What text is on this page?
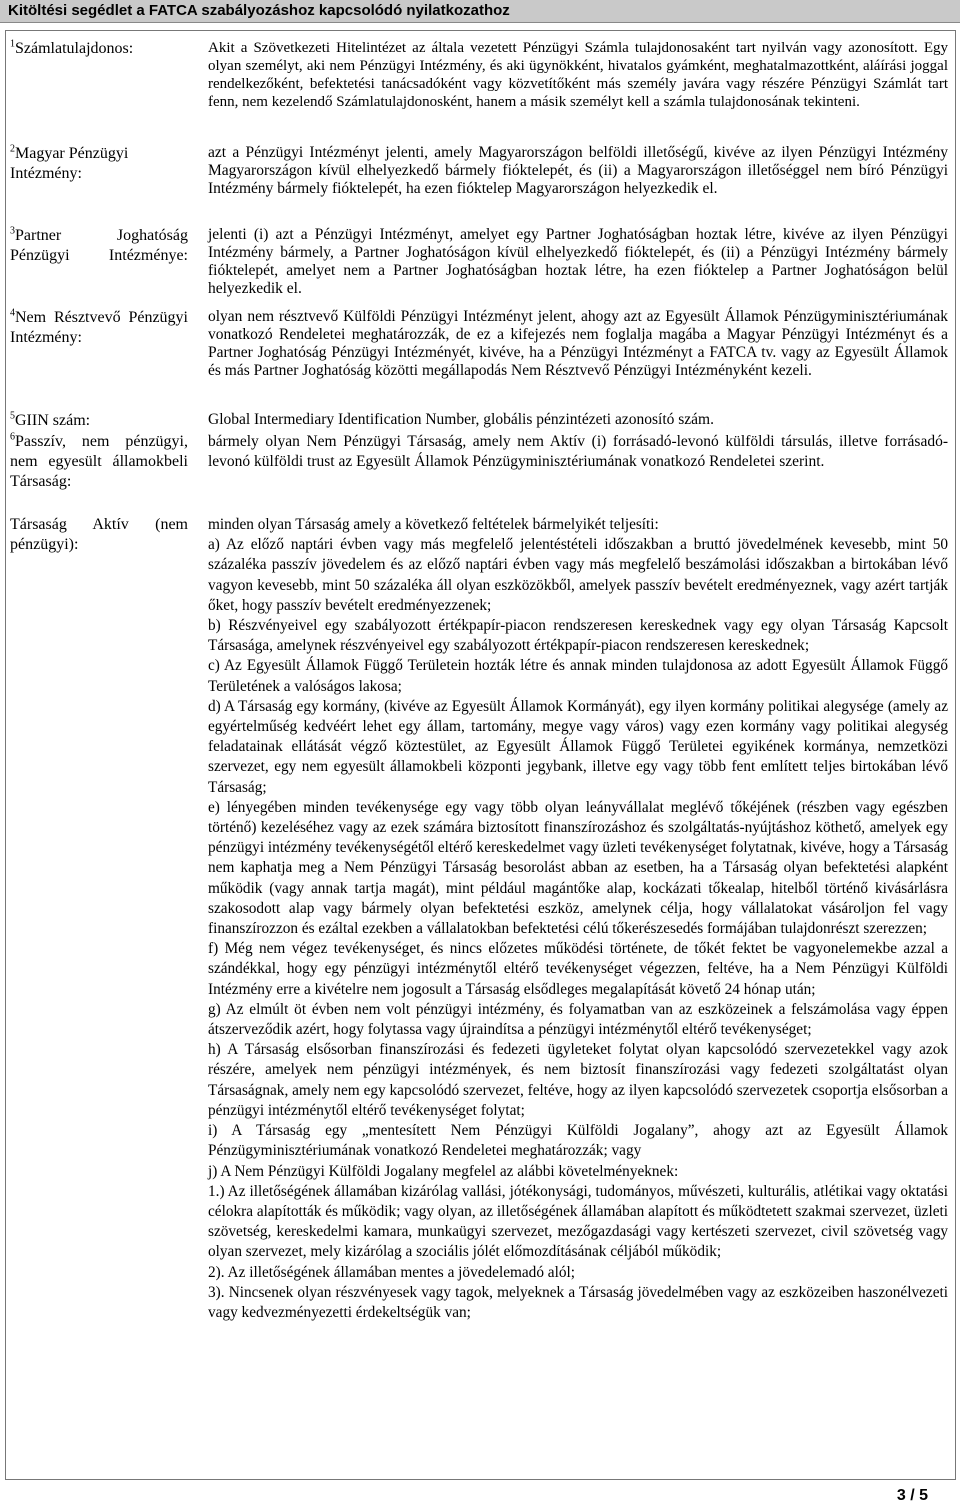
Kitöltési segédlet a FATCA szabályozáshoz kapcsolódó nyilatkozathoz
$^1$Számlatulajdonos:	Akit a Szövetkezeti Hitelintézet az általa vezetett Pénzügyi Számla tulajdonosaként tart nyilván vagy azonosított. Egy olyan személyt, aki nem Pénzügyi Intézmény, és aki ügynökként, hivatalos gyámként, meghatalmazottként, aláírási joggal rendelkezőként, befektetési tanácsadóként vagy közvetítőként más személy javára vagy részére Pénzügyi Számlát tart fenn, nem kezelendő Számlatulajdonosként, hanem a másik személyt kell a számla tulajdonosának tekinteni.
$^2$Magyar Pénzügyi Intézmény:
azt a Pénzügyi Intézményt jelenti, amely Magyarországon belföldi illetőségű, kivéve az ilyen Pénzügyi Intézmény Magyarországon kívül elhelyezkedő bármely fióktelepét, és (ii) a Magyarországon illetőséggel nem bíró Pénzügyi Intézmény bármely fióktelepét, ha ezen fióktelep Magyarországon helyezkedik el.
$^3$Partner Joghatóság Pénzügyi Intézménye:
jelenti (i) azt a Pénzügyi Intézményt, amelyet egy Partner Joghatóságban hoztak létre, kivéve az ilyen Pénzügyi Intézmény bármely, a Partner Joghatóságon kívül elhelyezkedő fióktelepét, és (ii) a Pénzügyi Intézmény bármely fióktelepét, amelyet nem a Partner Joghatóságban hoztak létre, ha ezen fióktelep a Partner Joghatóságon belül helyezkedik el.
$^4$Nem Résztvevő Pénzügyi Intézmény:
olyan nem résztvevő Külföldi Pénzügyi Intézményt jelent, ahogy azt az Egyesült Államok Pénzügyminisztériumának vonatkozó Rendeletei meghatározzák, de ez a kifejezés nem foglalja magába a Magyar Pénzügyi Intézményt és a Partner Joghatóság Pénzügyi Intézményét, kivéve, ha a Pénzügyi Intézményt a FATCA tv. vagy az Egyesült Államok és más Partner Joghatóság közötti megállapodás Nem Résztvevő Pénzügyi Intézményként kezeli.
$^5$GIIN szám:	Global Intermediary Identification Number, globális pénzintézeti azonosító szám.
$^6$Passzív, nem pénzügyi, nem egyesült államokbeli Társaság:
bármely olyan Nem Pénzügyi Társaság, amely nem Aktív (i) forrásadó-levonó külföldi társulás, illetve forrásadó-levonó külföldi trust az Egyesült Államok Pénzügyminisztériumának vonatkozó Rendeletei szerint.
Társaság Aktív (nem pénzügyi):

minden olyan Társaság amely a következő feltételek bármelyikét teljesíti:

a) Az előző naptári évben vagy más megfelelő jelentéstételi időszakban a bruttó jövedelmének kevesebb, mint 50 százaléka passzív jövedelem és az előző naptári évben vagy más megfelelő beszámolási időszakban a birtokában lévő vagyon kevesebb, mint 50 százaléka áll olyan eszközökből, amelyek passzív bevételt eredményeznek, vagy azért tartják őket, hogy passzív bevételt eredményezzenek;

b) Részvényeivel egy szabályozott értékpapír-piacon rendszeresen kereskednek vagy egy olyan Társaság Kapcsolt Társasága, amelynek részvényeivel egy szabályozott értékpapír-piacon rendszeresen kereskednek;

c) Az Egyesült Államok Függő Területein hozták létre és annak minden tulajdonosa az adott Egyesült Államok Függő Területének a valóságos lakosa;

d) A Társaság egy kormány, (kivéve az Egyesült Államok Kormányát), egy ilyen kormány politikai alegysége (amely az egyértelműség kedvéért lehet egy állam, tartomány, megye vagy város) vagy ezen kormány vagy politikai alegység feladatainak ellátását végző köztestület, az Egyesült Államok Függő Területei egyikének kormánya, nemzetközi szervezet, egy nem egyesült államokbeli központi jegybank, illetve egy vagy több fent említett teljes birtokában lévő Társaság;

e) lényegében minden tevékenysége egy vagy több olyan leányvállalat meglévő tőkéjének (részben vagy egészben történő) kezeléséhez vagy az ezek számára biztosított finanszírozáshoz és szolgáltatás-nyújtáshoz köthető, amelyek egy pénzügyi intézmény tevékenységétől eltérő kereskedelmet vagy üzleti tevékenységet folytatnak, kivéve, hogy a Társaság nem kaphatja meg a Nem Pénzügyi Társaság besorolást abban az esetben, ha a Társaság olyan befektetési alapként működik (vagy annak tartja magát), mint például magántőke alap, kockázati tőkealap, hitelből történő kivásárlásra szakosodott alap vagy bármely olyan befektetési eszköz, amelynek célja, hogy vállalatokat vásároljon fel vagy finanszírozzon és ezáltal ezekben a vállalatokban befektetési célú tőkerészesedés formájában tulajdonrészt szerezzen;

f) Még nem végez tevékenységet, és nincs előzetes működési története, de tőkét fektet be vagyonelemekbe azzal a szándékkal, hogy egy pénzügyi intézménytől eltérő tevékenységet végezzen, feltéve, ha a Nem Pénzügyi Külföldi Intézmény erre a kivételre nem jogosult a Társaság elsődleges megalapítását követő 24 hónap után;

g) Az elmúlt öt évben nem volt pénzügyi intézmény, és folyamatban van az eszközeinek a felszámolása vagy éppen átszerveződik azért, hogy folytassa vagy újraindítsa a pénzügyi intézménytől eltérő tevékenységet;

h) A Társaság elsősorban finanszírozási és fedezeti ügyleteket folytat olyan kapcsolódó szervezetekkel vagy azok részére, amelyek nem pénzügyi intézmények, és nem biztosít finanszírozási vagy fedezeti szolgáltatást olyan Társaságnak, amely nem egy kapcsolódó szervezet, feltéve, hogy az ilyen kapcsolódó szervezetek csoportja elsősorban a pénzügyi intézménytől eltérő tevékenységet folytat;

i) A Társaság egy „mentesített Nem Pénzügyi Külföldi Jogalany”, ahogy azt az Egyesült Államok Pénzügyminisztériumának vonatkozó Rendeletei meghatározzák; vagy

j) A Nem Pénzügyi Külföldi Jogalany megfelel az alábbi követelményeknek:

1.) Az illetőségének államában kizárólag vallási, jótékonysági, tudományos, művészeti, kulturális, atlétikai vagy oktatási célokra alapították és működik; vagy olyan, az illetőségének államában alapított és működtetett szakmai szervezet, üzleti szövetség, kereskedelmi kamara, munkaügyi szervezet, mezőgazdasági vagy kertészeti szervezet, civil szövetség vagy olyan szervezet, mely kizárólag a szociális jólét előmozdításának céljából működik;

2). Az illetőségének államában mentes a jövedelemadó alól;

3). Nincsenek olyan részvényesek vagy tagok, melyeknek a Társaság jövedelmében vagy az eszközeiben haszonélvezeti vagy kedvezményezetti érdekeltségük van;

3 / 5
